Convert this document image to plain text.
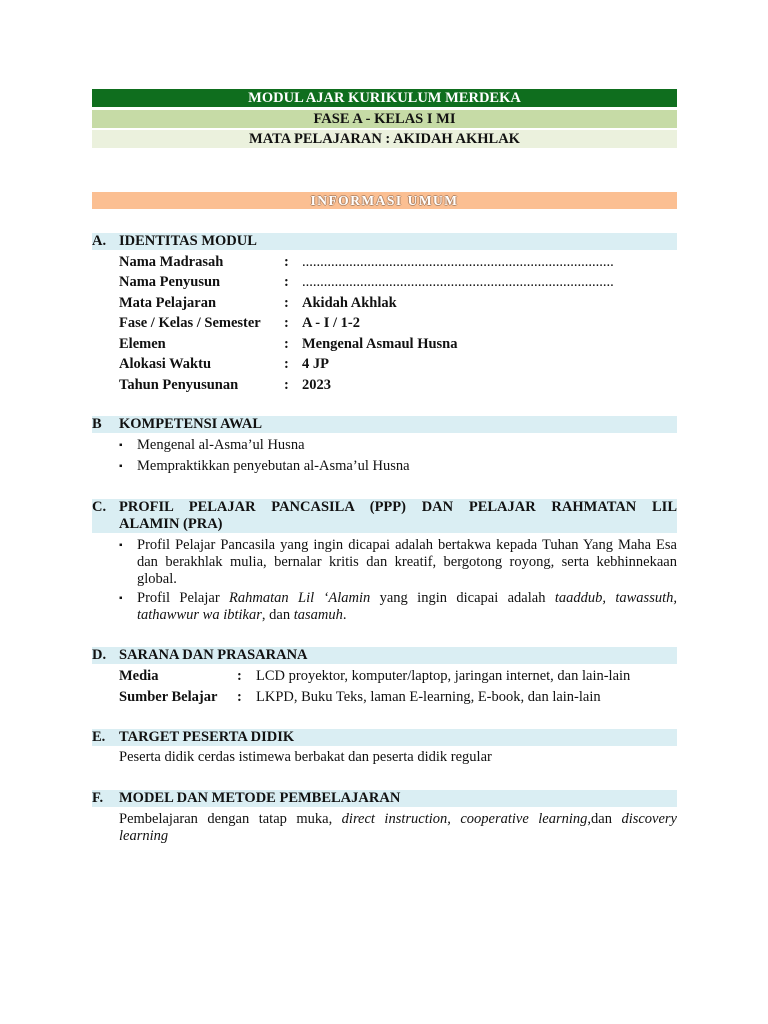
MODUL AJAR KURIKULUM MERDEKA
FASE A - KELAS I MI
MATA PELAJARAN : AKIDAH AKHLAK
INFORMASI UMUM
A. IDENTITAS MODUL
Nama Madrasah	: ......................................................................................
Nama Penyusun	: ......................................................................................
Mata Pelajaran	: Akidah Akhlak
Fase / Kelas / Semester : A - I / 1-2
Elemen	: Mengenal Asmaul Husna
Alokasi Waktu	: 4 JP
Tahun Penyusunan	: 2023
B KOMPETENSI AWAL
▪ Mengenal al-Asma’ul Husna
▪ Mempraktikkan penyebutan al-Asma’ul Husna
C. PROFIL PELAJAR PANCASILA (PPP) DAN PELAJAR RAHMATAN LIL
ALAMIN (PRA)
▪ Profil Pelajar Pancasila yang ingin dicapai adalah bertakwa kepada Tuhan Yang Maha Esa dan berakhlak mulia, bernalar kritis dan kreatif, bergotong royong, serta kebhinnekaan global.
▪ Profil Pelajar Rahmatan Lil ‘Alamin yang ingin dicapai adalah taaddub, tawassuth, tathawwur wa ibtikar, dan tasamuh.
D. SARANA DAN PRASARANA
Media	: LCD proyektor, komputer/laptop, jaringan internet, dan lain-lain
Sumber Belajar : LKPD, Buku Teks, laman E-learning, E-book, dan lain-lain
E. TARGET PESERTA DIDIK
Peserta didik cerdas istimewa berbakat dan peserta didik regular
F. MODEL DAN METODE PEMBELAJARAN
Pembelajaran dengan tatap muka, direct instruction, cooperative learning,dan discovery learning
